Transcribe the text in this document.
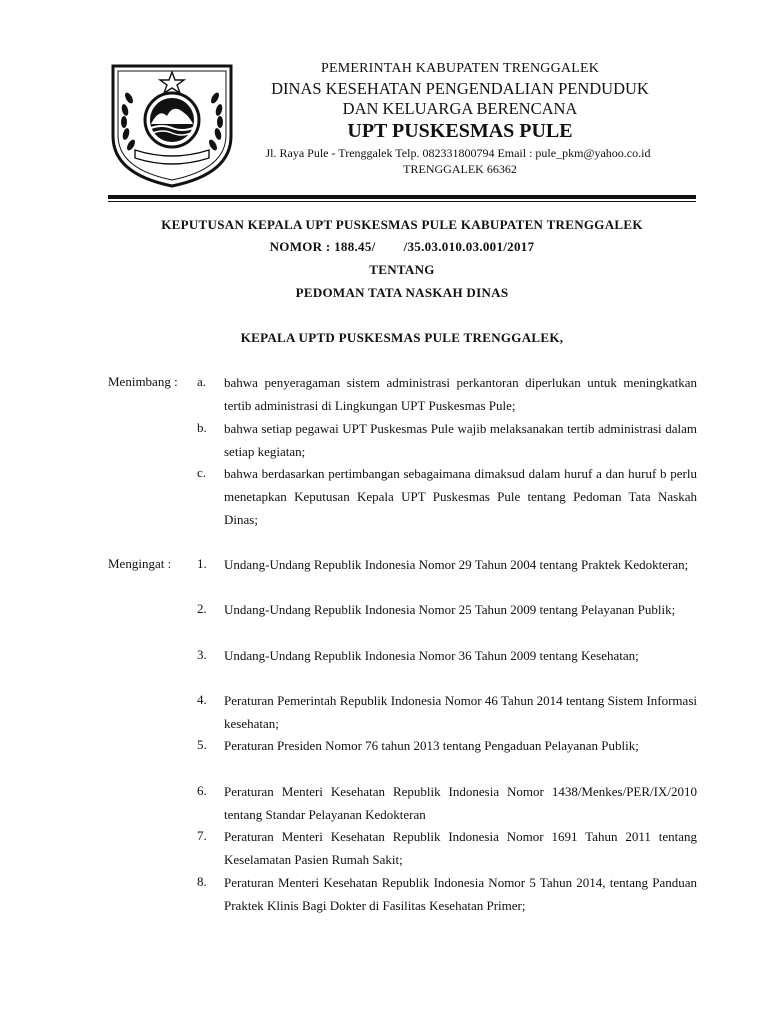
PEMERINTAH KABUPATEN TRENGGALEK
DINAS KESEHATAN PENGENDALIAN PENDUDUK
DAN KELUARGA BERENCANA
UPT PUSKESMAS PULE
Jl. Raya Pule - Trenggalek Telp. 082331800794 Email : pule_pkm@yahoo.co.id
TRENGGALEK 66362
KEPUTUSAN KEPALA UPT PUSKESMAS PULE KABUPATEN TRENGGALEK
NOMOR : 188.45/ /35.03.010.03.001/2017
TENTANG
PEDOMAN TATA NASKAH DINAS
KEPALA UPTD PUSKESMAS PULE TRENGGALEK,
Menimbang : a. bahwa penyeragaman sistem administrasi perkantoran diperlukan untuk meningkatkan tertib administrasi di Lingkungan UPT Puskesmas Pule;
b. bahwa setiap pegawai UPT Puskesmas Pule wajib melaksanakan tertib administrasi dalam setiap kegiatan;
c. bahwa berdasarkan pertimbangan sebagaimana dimaksud dalam huruf a dan huruf b perlu menetapkan Keputusan Kepala UPT Puskesmas Pule tentang Pedoman Tata Naskah Dinas;
Mengingat : 1. Undang-Undang Republik Indonesia Nomor 29 Tahun 2004 tentang Praktek Kedokteran;
2. Undang-Undang Republik Indonesia Nomor 25 Tahun 2009 tentang Pelayanan Publik;
3. Undang-Undang Republik Indonesia Nomor 36 Tahun 2009 tentang Kesehatan;
4. Peraturan Pemerintah Republik Indonesia Nomor 46 Tahun 2014 tentang Sistem Informasi kesehatan;
5. Peraturan Presiden Nomor 76 tahun 2013 tentang Pengaduan Pelayanan Publik;
6. Peraturan Menteri Kesehatan Republik Indonesia Nomor 1438/Menkes/PER/IX/2010 tentang Standar Pelayanan Kedokteran
7. Peraturan Menteri Kesehatan Republik Indonesia Nomor 1691 Tahun 2011 tentang Keselamatan Pasien Rumah Sakit;
8. Peraturan Menteri Kesehatan Republik Indonesia Nomor 5 Tahun 2014, tentang Panduan Praktek Klinis Bagi Dokter di Fasilitas Kesehatan Primer;
